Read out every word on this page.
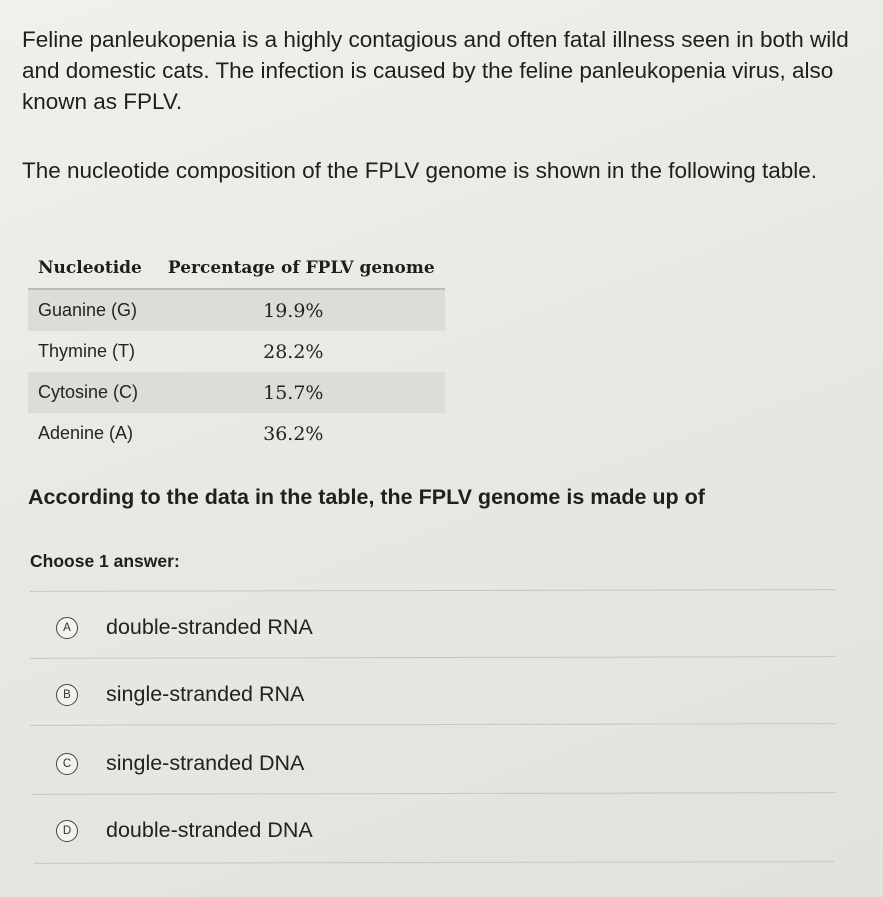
Feline panleukopenia is a highly contagious and often fatal illness seen in both wild and domestic cats. The infection is caused by the feline panleukopenia virus, also known as FPLV.

The nucleotide composition of the FPLV genome is shown in the following table.

Nucleotide	Percentage of FPLV genome
Guanine (G)	19.9%
Thymine (T)	28.2%
Cytosine (C)	15.7%
Adenine (A)	36.2%

According to the data in the table, the FPLV genome is made up of

Choose 1 answer:

A	double-stranded RNA
B	single-stranded RNA
C	single-stranded DNA
D	double-stranded DNA
